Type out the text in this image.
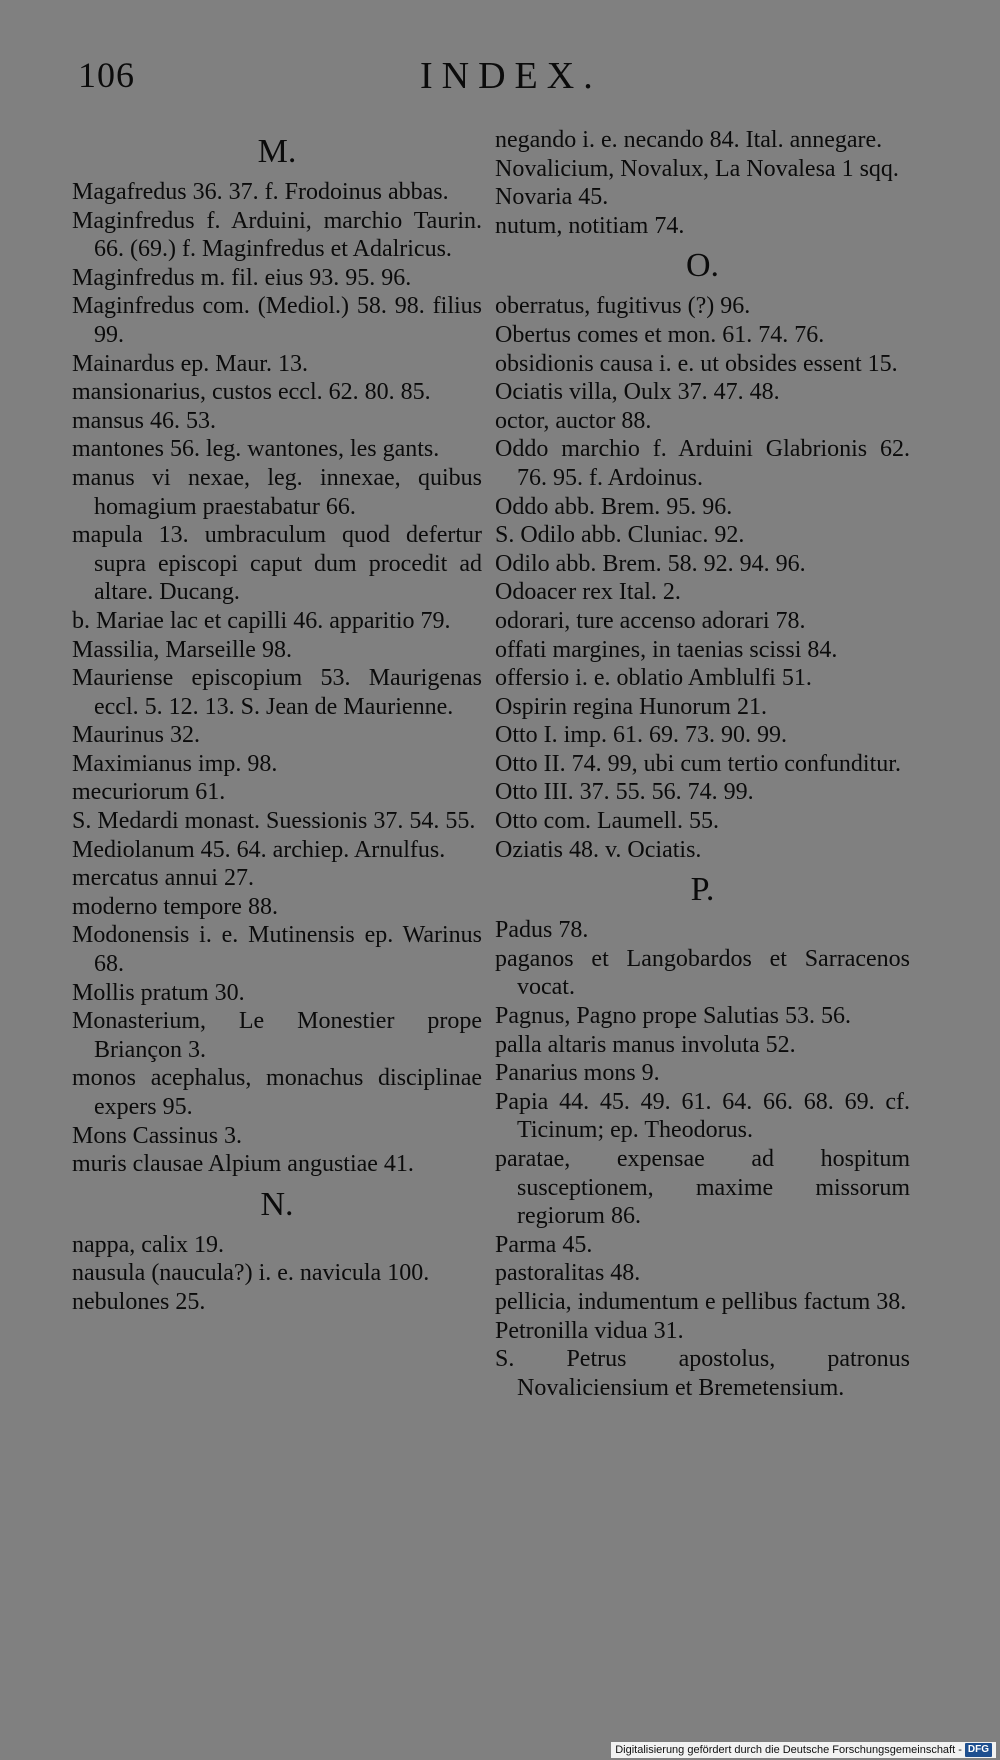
106	INDEX.
M.
Magafredus 36. 37. f. Frodoinus abbas.
Maginfredus f. Arduini, marchio Taurin. 66. (69.) f. Maginfredus et Adalricus.
Maginfredus m. fil. eius 93. 95. 96.
Maginfredus com. (Mediol.) 58. 98. filius 99.
Mainardus ep. Maur. 13.
mansionarius, custos eccl. 62. 80. 85.
mansus 46. 53.
mantones 56. leg. wantones, les gants.
manus vi nexae, leg. innexae, quibus homagium praestabatur 66.
mapula 13. umbraculum quod defertur supra episcopi caput dum procedit ad altare. Ducang.
b. Mariae lac et capilli 46. apparitio 79.
Massilia, Marseille 98.
Mauriense episcopium 53. Maurigenas eccl. 5. 12. 13. S. Jean de Maurienne.
Maurinus 32.
Maximianus imp. 98.
mecuriorum 61.
S. Medardi monast. Suessionis 37. 54. 55.
Mediolanum 45. 64. archiep. Arnulfus.
mercatus annui 27.
moderno tempore 88.
Modonensis i. e. Mutinensis ep. Warinus 68.
Mollis pratum 30.
Monasterium, Le Monestier prope Briançon 3.
monos acephalus, monachus disciplinae expers 95.
Mons Cassinus 3.
muris clausae Alpium angustiae 41.
N.
nappa, calix 19.
nausula (naucula?) i. e. navicula 100.
nebulones 25.
negando i. e. necando 84. Ital. annegare.
Novalicium, Novalux, La Novalesa 1 sqq.
Novaria 45.
nutum, notitiam 74.
O.
oberratus, fugitivus (?) 96.
Obertus comes et mon. 61. 74. 76.
obsidionis causa i. e. ut obsides essent 15.
Ociatis villa, Oulx 37. 47. 48.
octor, auctor 88.
Oddo marchio f. Arduini Glabrionis 62. 76. 95. f. Ardoinus.
Oddo abb. Brem. 95. 96.
S. Odilo abb. Cluniac. 92.
Odilo abb. Brem. 58. 92. 94. 96.
Odoacer rex Ital. 2.
odorari, ture accenso adorari 78.
offati margines, in taenias scissi 84.
offersio i. e. oblatio Amblulfi 51.
Ospirin regina Hunorum 21.
Otto I. imp. 61. 69. 73. 90. 99.
Otto II. 74. 99, ubi cum tertio confunditur.
Otto III. 37. 55. 56. 74. 99.
Otto com. Laumell. 55.
Oziatis 48. v. Ociatis.
P.
Padus 78.
paganos et Langobardos et Sarracenos vocat.
Pagnus, Pagno prope Salutias 53. 56.
palla altaris manus involuta 52.
Panarius mons 9.
Papia 44. 45. 49. 61. 64. 66. 68. 69. cf. Ticinum; ep. Theodorus.
paratae, expensae ad hospitum susceptionem, maxime missorum regiorum 86.
Parma 45.
pastoralitas 48.
pellicia, indumentum e pellibus factum 38.
Petronilla vidua 31.
S. Petrus apostolus, patronus Novaliciensium et Bremetensium.
Digitalisierung gefördert durch die Deutsche Forschungsgemeinschaft - DFG
